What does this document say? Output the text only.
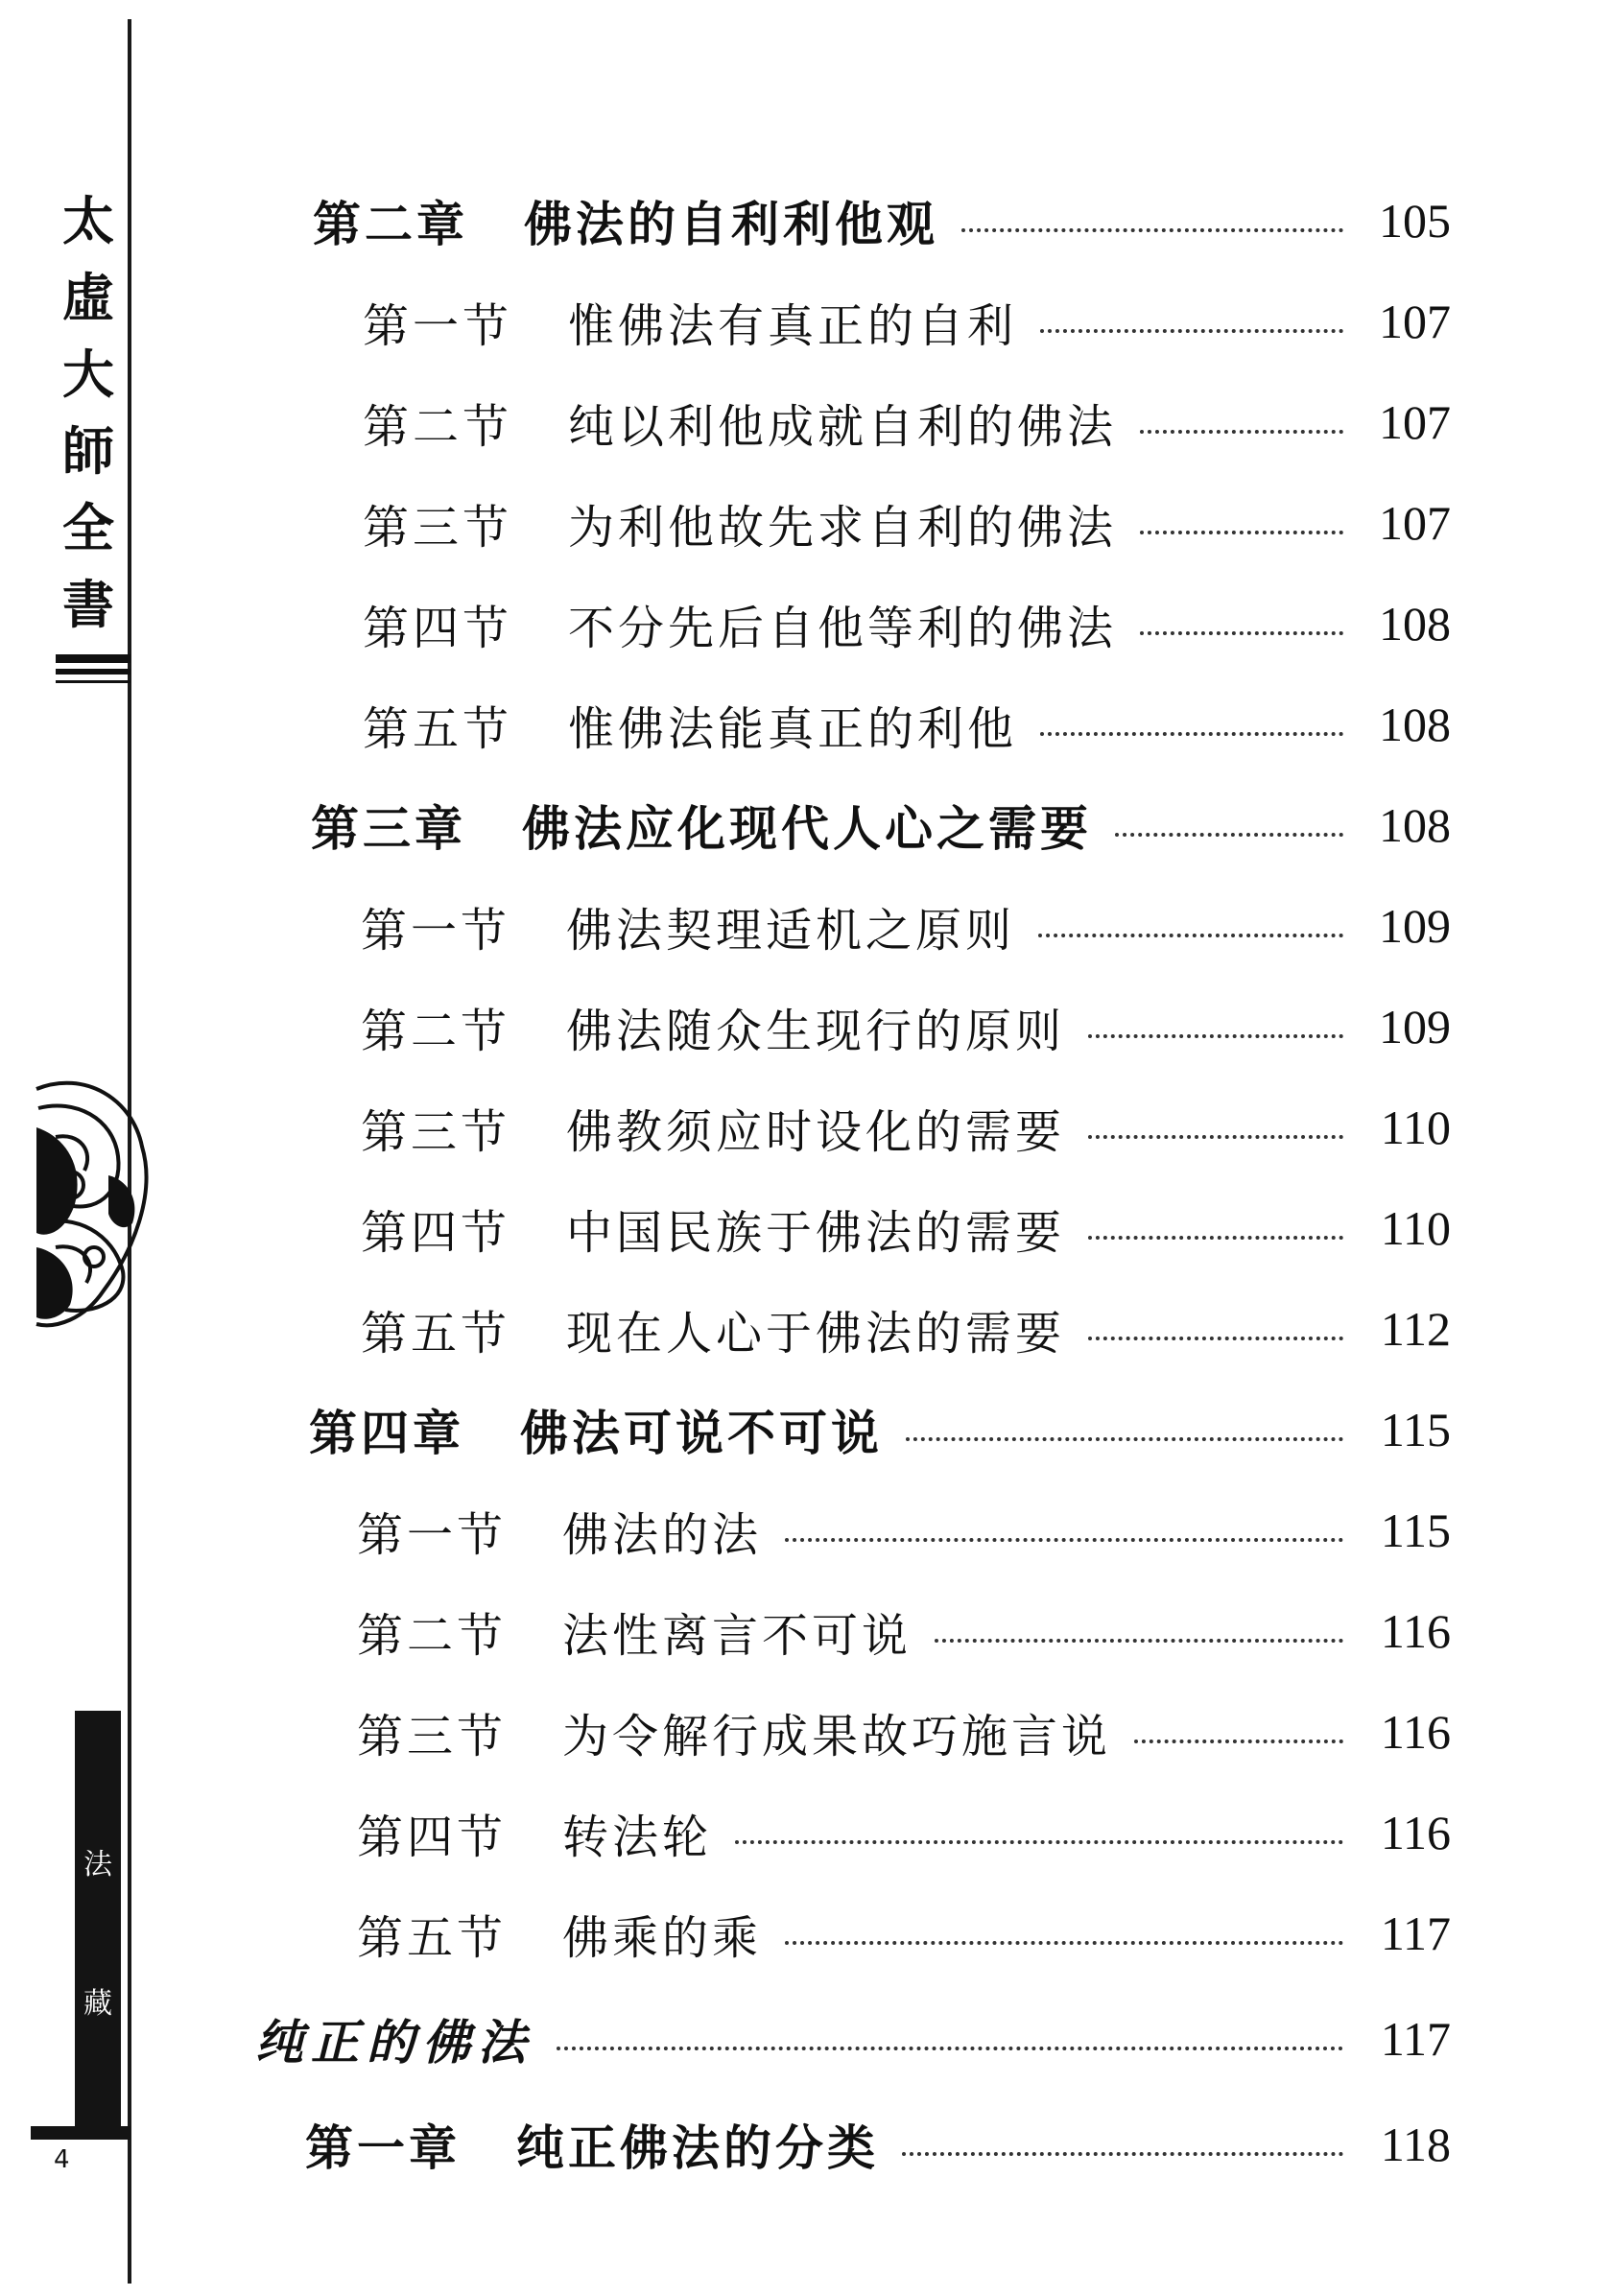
太
虛
大
師
全
書
法
藏
4
第二章 佛法的自利利他观	105
第一节 惟佛法有真正的自利	107
第二节 纯以利他成就自利的佛法	107
第三节 为利他故先求自利的佛法	107
第四节 不分先后自他等利的佛法	108
第五节 惟佛法能真正的利他	108
第三章 佛法应化现代人心之需要	108
第一节 佛法契理适机之原则	109
第二节 佛法随众生现行的原则	109
第三节 佛教须应时设化的需要	110
第四节 中国民族于佛法的需要	110
第五节 现在人心于佛法的需要	112
第四章 佛法可说不可说	115
第一节 佛法的法	115
第二节 法性离言不可说	116
第三节 为令解行成果故巧施言说	116
第四节 转法轮	116
第五节 佛乘的乘	117
纯正的佛法	117
第一章 纯正佛法的分类	118
